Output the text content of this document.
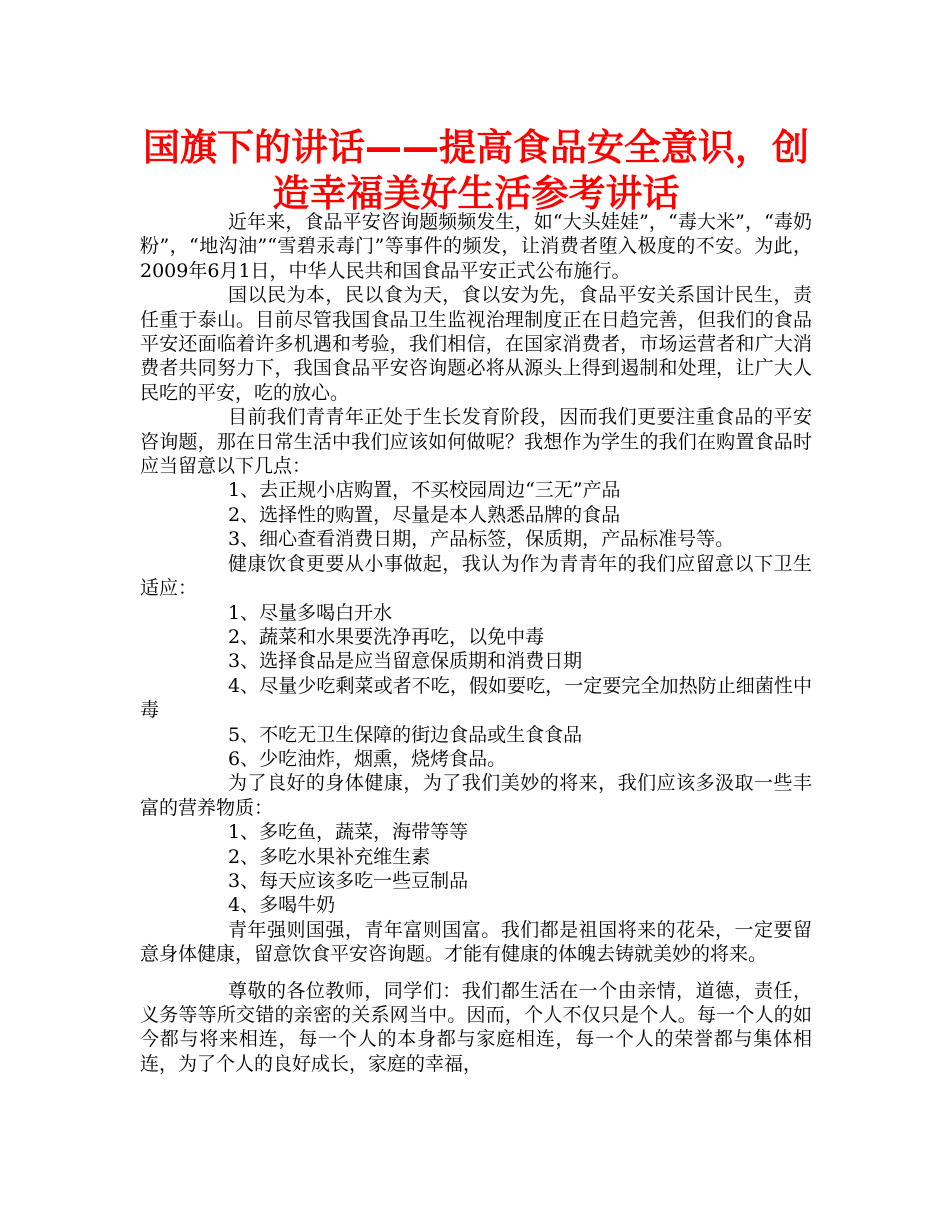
国旗下的讲话——提高食品安全意识，创造幸福美好生活参考讲话

近年来，食品平安咨询题频频发生，如“大头娃娃”，“毒大米”，“毒奶粉”，“地沟油”“雪碧汞毒门”等事件的频发，让消费者堕入极度的不安。为此，2009年6月1日，中华人民共和国食品平安正式公布施行。

国以民为本，民以食为天，食以安为先，食品平安关系国计民生，责任重于泰山。目前尽管我国食品卫生监视治理制度正在日趋完善，但我们的食品平安还面临着许多机遇和考验，我们相信，在国家消费者，市场运营者和广大消费者共同努力下，我国食品平安咨询题必将从源头上得到遏制和处理，让广大人民吃的平安，吃的放心。

目前我们青青年正处于生长发育阶段，因而我们更要注重食品的平安咨询题，那在日常生活中我们应该如何做呢？我想作为学生的我们在购置食品时应当留意以下几点：

1、去正规小店购置，不买校园周边“三无”产品

2、选择性的购置，尽量是本人熟悉品牌的食品

3、细心查看消费日期，产品标签，保质期，产品标准号等。

健康饮食更要从小事做起，我认为作为青青年的我们应留意以下卫生适应：

1、尽量多喝白开水

2、蔬菜和水果要洗净再吃，以免中毒

3、选择食品是应当留意保质期和消费日期

4、尽量少吃剩菜或者不吃，假如要吃，一定要完全加热防止细菌性中毒

5、不吃无卫生保障的街边食品或生食食品

6、少吃油炸，烟熏，烧烤食品。

为了良好的身体健康，为了我们美妙的将来，我们应该多汲取一些丰富的营养物质：

1、多吃鱼，蔬菜，海带等等

2、多吃水果补充维生素

3、每天应该多吃一些豆制品

4、多喝牛奶

青年强则国强，青年富则国富。我们都是祖国将来的花朵，一定要留意身体健康，留意饮食平安咨询题。才能有健康的体魄去铸就美妙的将来。

尊敬的各位教师，同学们：我们都生活在一个由亲情，道德，责任，义务等等所交错的亲密的关系网当中。因而，个人不仅只是个人。每一个人的如今都与将来相连，每一个人的本身都与家庭相连，每一个人的荣誉都与集体相连，为了个人的良好成长，家庭的幸福，
